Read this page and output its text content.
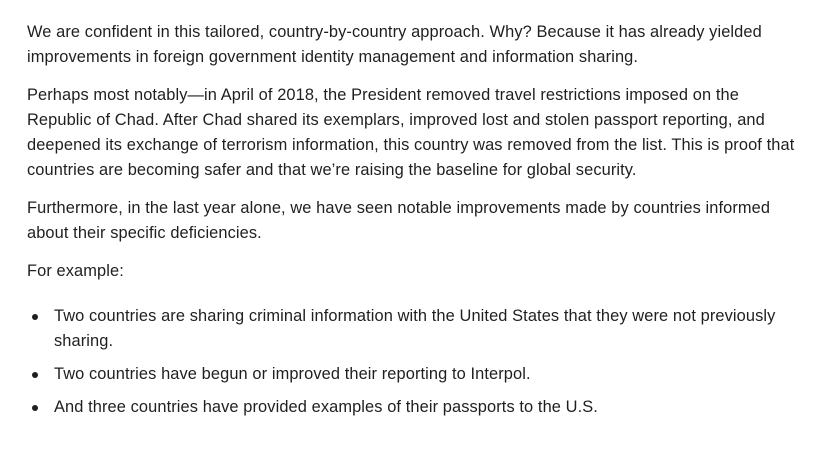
We are confident in this tailored, country-by-country approach. Why? Because it has already yielded improvements in foreign government identity management and information sharing.

Perhaps most notably—in April of 2018, the President removed travel restrictions imposed on the Republic of Chad. After Chad shared its exemplars, improved lost and stolen passport reporting, and deepened its exchange of terrorism information, this country was removed from the list. This is proof that countries are becoming safer and that we’re raising the baseline for global security.

Furthermore, in the last year alone, we have seen notable improvements made by countries informed about their specific deficiencies.

For example:

Two countries are sharing criminal information with the United States that they were not previously sharing.
Two countries have begun or improved their reporting to Interpol.
And three countries have provided examples of their passports to the U.S.
